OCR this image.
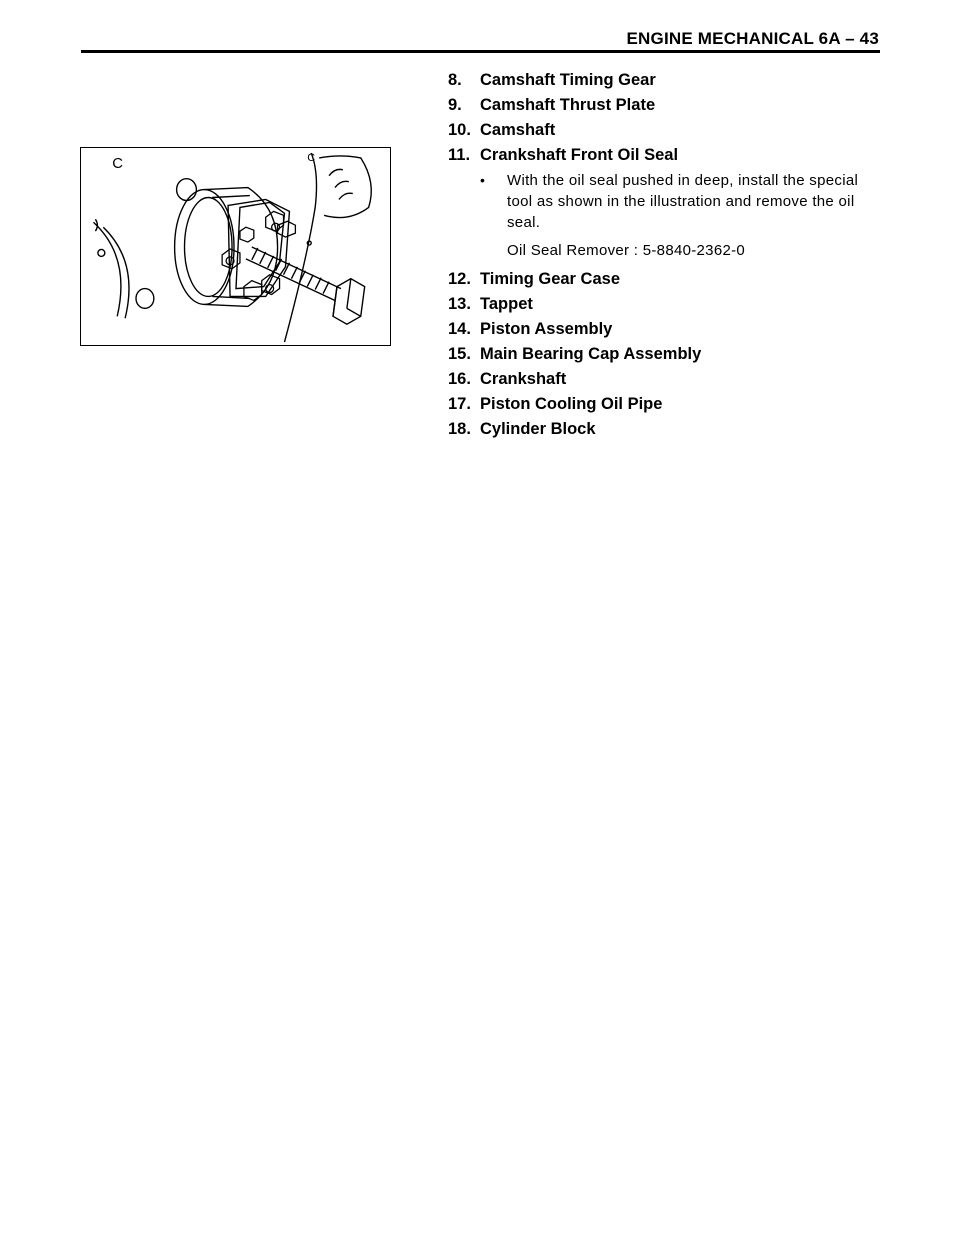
ENGINE MECHANICAL 6A – 43
C	C
8. Camshaft Timing Gear
9. Camshaft Thrust Plate
10. Camshaft
11. Crankshaft Front Oil Seal
• With the oil seal pushed in deep, install the special tool as shown in the illustration and remove the oil seal.
Oil Seal Remover : 5-8840-2362-0
12. Timing Gear Case
13. Tappet
14. Piston Assembly
15. Main Bearing Cap Assembly
16. Crankshaft
17. Piston Cooling Oil Pipe
18. Cylinder Block
